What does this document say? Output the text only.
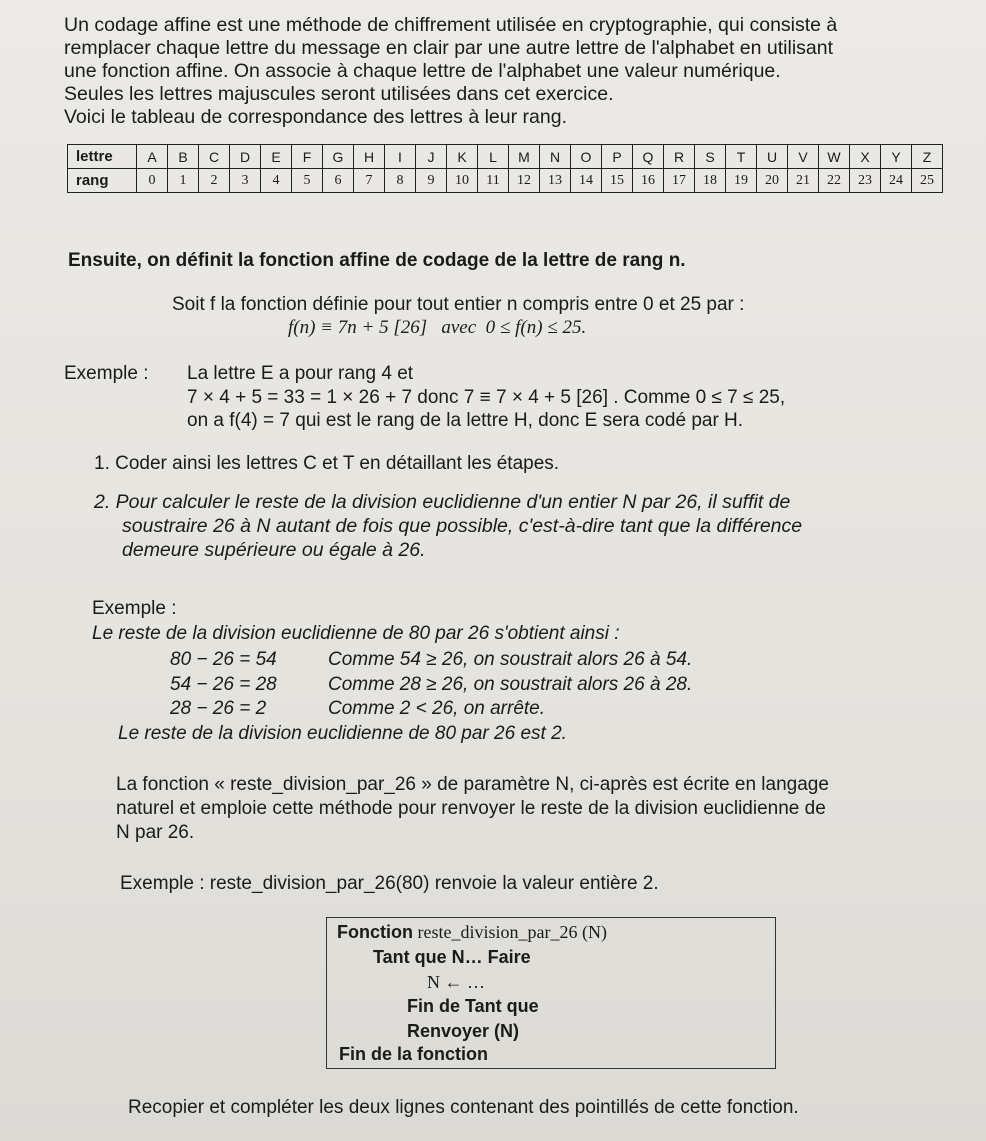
Un codage affine est une méthode de chiffrement utilisée en cryptographie, qui consiste à
remplacer chaque lettre du message en clair par une autre lettre de l'alphabet en utilisant
une fonction affine. On associe à chaque lettre de l'alphabet une valeur numérique.
Seules les lettres majuscules seront utilisées dans cet exercice.
Voici le tableau de correspondance des lettres à leur rang.
lettre	A	B	C	D	E	F	G	H	I	J	K	L	M	N	O	P	Q	R	S	T	U	V	W	X	Y	Z
rang	0	1	2	3	4	5	6	7	8	9	10	11	12	13	14	15	16	17	18	19	20	21	22	23	24	25

Ensuite, on définit la fonction affine de codage de la lettre de rang n.

Soit f la fonction définie pour tout entier n compris entre 0 et 25 par :

f(n) ≡ 7n + 5 [26]   avec  0 ≤ f(n) ≤ 25.

Exemple : La lettre E a pour rang 4 et

7 × 4 + 5 = 33 = 1 × 26 + 7 donc 7 ≡ 7 × 4 + 5 [26] . Comme 0 ≤ 7 ≤ 25,

on a f(4) = 7 qui est le rang de la lettre H, donc E sera codé par H.

1. Coder ainsi les lettres C et T en détaillant les étapes.

2. Pour calculer le reste de la division euclidienne d'un entier N par 26, il suffit de
soustraire 26 à N autant de fois que possible, c'est-à-dire tant que la différence
demeure supérieure ou égale à 26.

Exemple :

Le reste de la division euclidienne de 80 par 26 s'obtient ainsi :

80 − 26 = 54	Comme 54 ≥ 26, on soustrait alors 26 à 54.

54 − 26 = 28	Comme 28 ≥ 26, on soustrait alors 26 à 28.

28 − 26 = 2	Comme 2 < 26, on arrête.

Le reste de la division euclidienne de 80 par 26 est 2.

La fonction « reste_division_par_26 » de paramètre N, ci-après est écrite en langage
naturel et emploie cette méthode pour renvoyer le reste de la division euclidienne de
N par 26.

Exemple : reste_division_par_26(80) renvoie la valeur entière 2.

Fonction reste_division_par_26 (N)
Tant que N… Faire
N ← …
Fin de Tant que
Renvoyer (N)
Fin de la fonction

Recopier et compléter les deux lignes contenant des pointillés de cette fonction.
